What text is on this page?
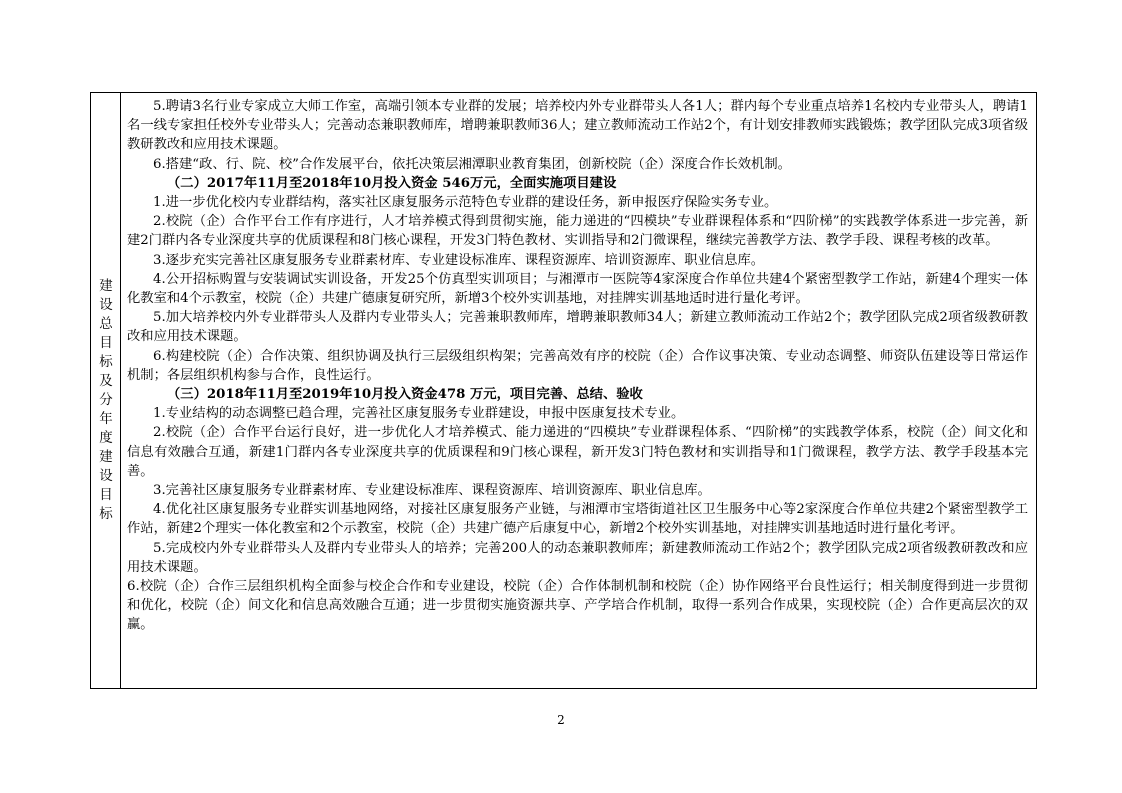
建
设
总
目
标
及
分
年
度
建
设
目
标

5.聘请3名行业专家成立大师工作室，高端引领本专业群的发展；培养校内外专业群带头人各1人；群内每个专业重点培养1名校内专业带头人，聘请1名一线专家担任校外专业带头人；完善动态兼职教师库，增聘兼职教师36人；建立教师流动工作站2个，有计划安排教师实践锻炼；教学团队完成3项省级教研教改和应用技术课题。

6.搭建“政、行、院、校”合作发展平台，依托决策层湘潭职业教育集团，创新校院（企）深度合作长效机制。

（二）2017年11月至2018年10月投入资金 546万元，全面实施项目建设

1.进一步优化校内专业群结构，落实社区康复服务示范特色专业群的建设任务，新申报医疗保险实务专业。

2.校院（企）合作平台工作有序进行，人才培养模式得到贯彻实施，能力递进的“四模块”专业群课程体系和“四阶梯”的实践教学体系进一步完善，新建2门群内各专业深度共享的优质课程和8门核心课程，开发3门特色教材、实训指导和2门微课程，继续完善教学方法、教学手段、课程考核的改革。

3.逐步充实完善社区康复服务专业群素材库、专业建设标准库、课程资源库、培训资源库、职业信息库。

4.公开招标购置与安装调试实训设备，开发25个仿真型实训项目；与湘潭市一医院等4家深度合作单位共建4个紧密型教学工作站，新建4个理实一体化教室和4个示教室，校院（企）共建广德康复研究所，新增3个校外实训基地，对挂牌实训基地适时进行量化考评。

5.加大培养校内外专业群带头人及群内专业带头人；完善兼职教师库，增聘兼职教师34人；新建立教师流动工作站2个；教学团队完成2项省级教研教改和应用技术课题。

6.构建校院（企）合作决策、组织协调及执行三层级组织构架；完善高效有序的校院（企）合作议事决策、专业动态调整、师资队伍建设等日常运作机制；各层组织机构参与合作，良性运行。

（三）2018年11月至2019年10月投入资金478 万元，项目完善、总结、验收

1.专业结构的动态调整已趋合理，完善社区康复服务专业群建设，申报中医康复技术专业。

2.校院（企）合作平台运行良好，进一步优化人才培养模式、能力递进的“四模块”专业群课程体系、“四阶梯”的实践教学体系，校院（企）间文化和信息有效融合互通，新建1门群内各专业深度共享的优质课程和9门核心课程，新开发3门特色教材和实训指导和1门微课程，教学方法、教学手段基本完善。

3.完善社区康复服务专业群素材库、专业建设标准库、课程资源库、培训资源库、职业信息库。

4.优化社区康复服务专业群实训基地网络，对接社区康复服务产业链，与湘潭市宝塔街道社区卫生服务中心等2家深度合作单位共建2个紧密型教学工作站，新建2个理实一体化教室和2个示教室，校院（企）共建广德产后康复中心，新增2个校外实训基地，对挂牌实训基地适时进行量化考评。

5.完成校内外专业群带头人及群内专业带头人的培养；完善200人的动态兼职教师库；新建教师流动工作站2个；教学团队完成2项省级教研教改和应用技术课题。

6.校院（企）合作三层组织机构全面参与校企合作和专业建设，校院（企）合作体制机制和校院（企）协作网络平台良性运行；相关制度得到进一步贯彻和优化，校院（企）间文化和信息高效融合互通；进一步贯彻实施资源共享、产学培合作机制，取得一系列合作成果，实现校院（企）合作更高层次的双赢。

2
